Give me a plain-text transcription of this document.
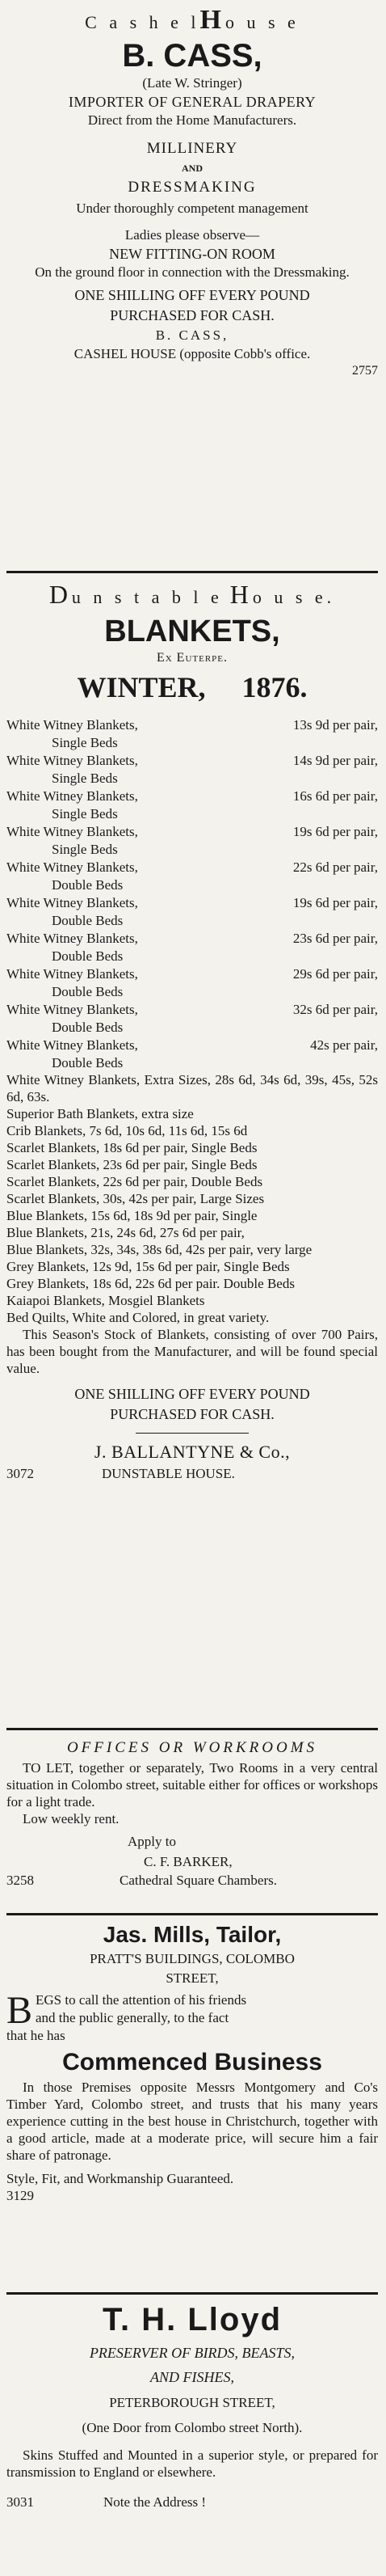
C a s h e lHo u s e
B. CASS,
(Late W. Stringer)
IMPORTER OF GENERAL DRAPERY
Direct from the Home Manufacturers.
MILLINERY
AND
DRESSMAKING
Under thoroughly competent management
Ladies please observe—
NEW FITTING-ON ROOM
On the ground floor in connection with the Dressmaking.
ONE SHILLING OFF EVERY POUND
PURCHASED FOR CASH.
B. CASS,
CASHEL HOUSE (opposite Cobb's office.
2757
Du n s t a b l e Ho u s e.
BLANKETS,
Ex Euterpe.
WINTER, 1876.
White Witney Blankets,	13s 9d per pair,
Single Beds
White Witney Blankets,	14s 9d per pair,
Single Beds
White Witney Blankets,	16s 6d per pair,
Single Beds
White Witney Blankets,	19s 6d per pair,
Single Beds
White Witney Blankets,	22s 6d per pair,
Double Beds
White Witney Blankets,	19s 6d per pair,
Double Beds
White Witney Blankets,	23s 6d per pair,
Double Beds
White Witney Blankets,	29s 6d per pair,
Double Beds
White Witney Blankets,	32s 6d per pair,
Double Beds
White Witney Blankets,	42s per pair,
Double Beds
White Witney Blankets, Extra Sizes, 28s 6d, 34s 6d, 39s, 45s, 52s 6d, 63s.
Superior Bath Blankets, extra size
Crib Blankets, 7s 6d, 10s 6d, 11s 6d, 15s 6d
Scarlet Blankets, 18s 6d per pair, Single Beds
Scarlet Blankets, 23s 6d per pair, Single Beds
Scarlet Blankets, 22s 6d per pair, Double Beds
Scarlet Blankets, 30s, 42s per pair, Large Sizes
Blue Blankets, 15s 6d, 18s 9d per pair, Single
Blue Blankets, 21s, 24s 6d, 27s 6d per pair,
Blue Blankets, 32s, 34s, 38s 6d, 42s per pair, very large
Grey Blankets, 12s 9d, 15s 6d per pair, Single Beds
Grey Blankets, 18s 6d, 22s 6d per pair. Double Beds
Kaiapoi Blankets, Mosgiel Blankets
Bed Quilts, White and Colored, in great variety.
This Season's Stock of Blankets, consisting of over 700 Pairs, has been bought from the Manufacturer, and will be found special value.
ONE SHILLING OFF EVERY POUND
PURCHASED FOR CASH.
J. BALLANTYNE & Co.,
3072	DUNSTABLE HOUSE.
OFFICES OR WORKROOMS
TO LET, together or separately, Two Rooms in a very central situation in Colombo street, suitable either for offices or workshops for a light trade.
Low weekly rent.
Apply to
C. F. BARKER,
3258	Cathedral Square Chambers.
Jas. Mills, Tailor,
PRATT'S BUILDINGS, COLOMBO
STREET,
B EGS to call the attention of his friends
and the public generally, to the fact
that he has
Commenced Business
In those Premises opposite Messrs Montgomery and Co's Timber Yard, Colombo street, and trusts that his many years experience cutting in the best house in Christchurch, together with a good article, made at a moderate price, will secure him a fair share of patronage.
Style, Fit, and Workmanship Guaranteed.
3129
T. H. Lloyd
PRESERVER OF BIRDS, BEASTS,
AND FISHES,
PETERBOROUGH STREET,
(One Door from Colombo street North).
Skins Stuffed and Mounted in a superior style, or prepared for transmission to England or elsewhere.
3031	Note the Address !
